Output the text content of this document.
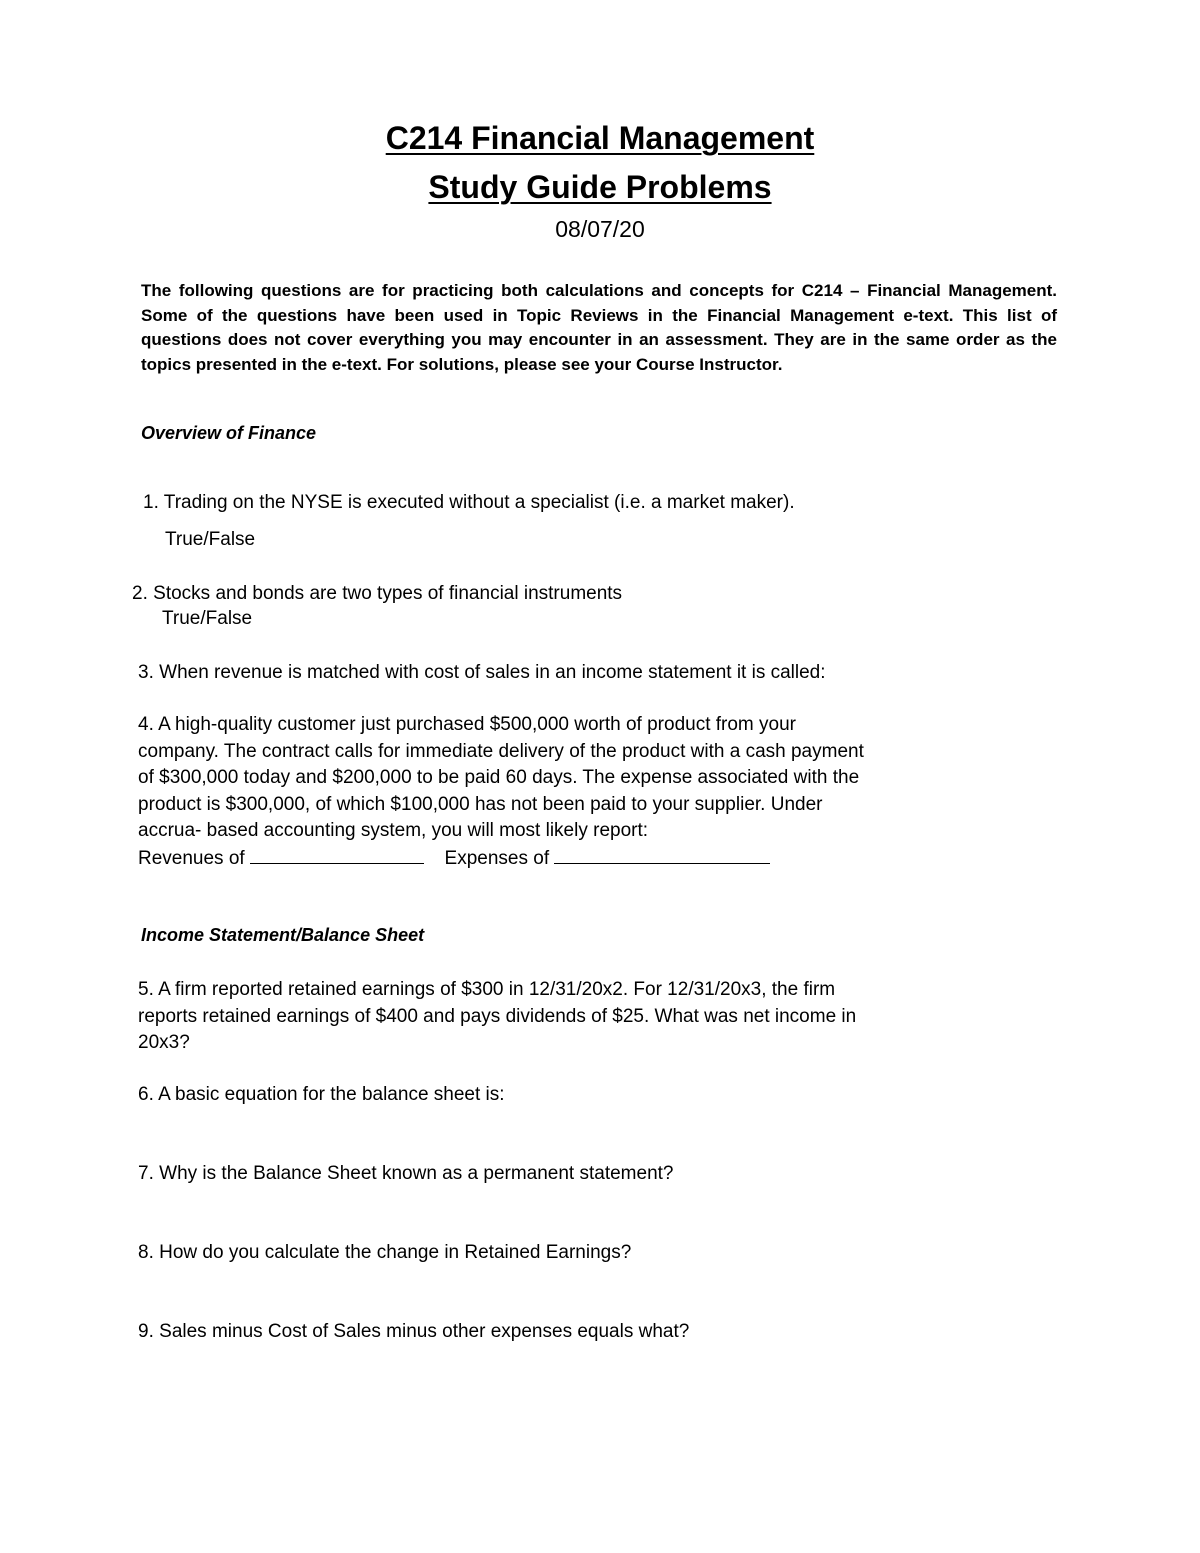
C214 Financial Management
Study Guide Problems
08/07/20
The following questions are for practicing both calculations and concepts for C214 – Financial Management. Some of the questions have been used in Topic Reviews in the Financial Management e-text. This list of questions does not cover everything you may encounter in an assessment. They are in the same order as the topics presented in the e-text. For solutions, please see your Course Instructor.
Overview of Finance
1. Trading on the NYSE is executed without a specialist (i.e. a market maker).
True/False
2. Stocks and bonds are two types of financial instruments
True/False
3. When revenue is matched with cost of sales in an income statement it is called:
4. A high-quality customer just purchased $500,000 worth of product from your
company. The contract calls for immediate delivery of the product with a cash payment
of $300,000 today and $200,000 to be paid 60 days. The expense associated with the
product is $300,000, of which $100,000 has not been paid to your supplier. Under
accrua- based accounting system, you will most likely report:
Revenues of	Expenses of
Income Statement/Balance Sheet
5. A firm reported retained earnings of $300 in 12/31/20x2. For 12/31/20x3, the firm
reports retained earnings of $400 and pays dividends of $25. What was net income in
20x3?
6. A basic equation for the balance sheet is:
7. Why is the Balance Sheet known as a permanent statement?
8. How do you calculate the change in Retained Earnings?
9. Sales minus Cost of Sales minus other expenses equals what?
